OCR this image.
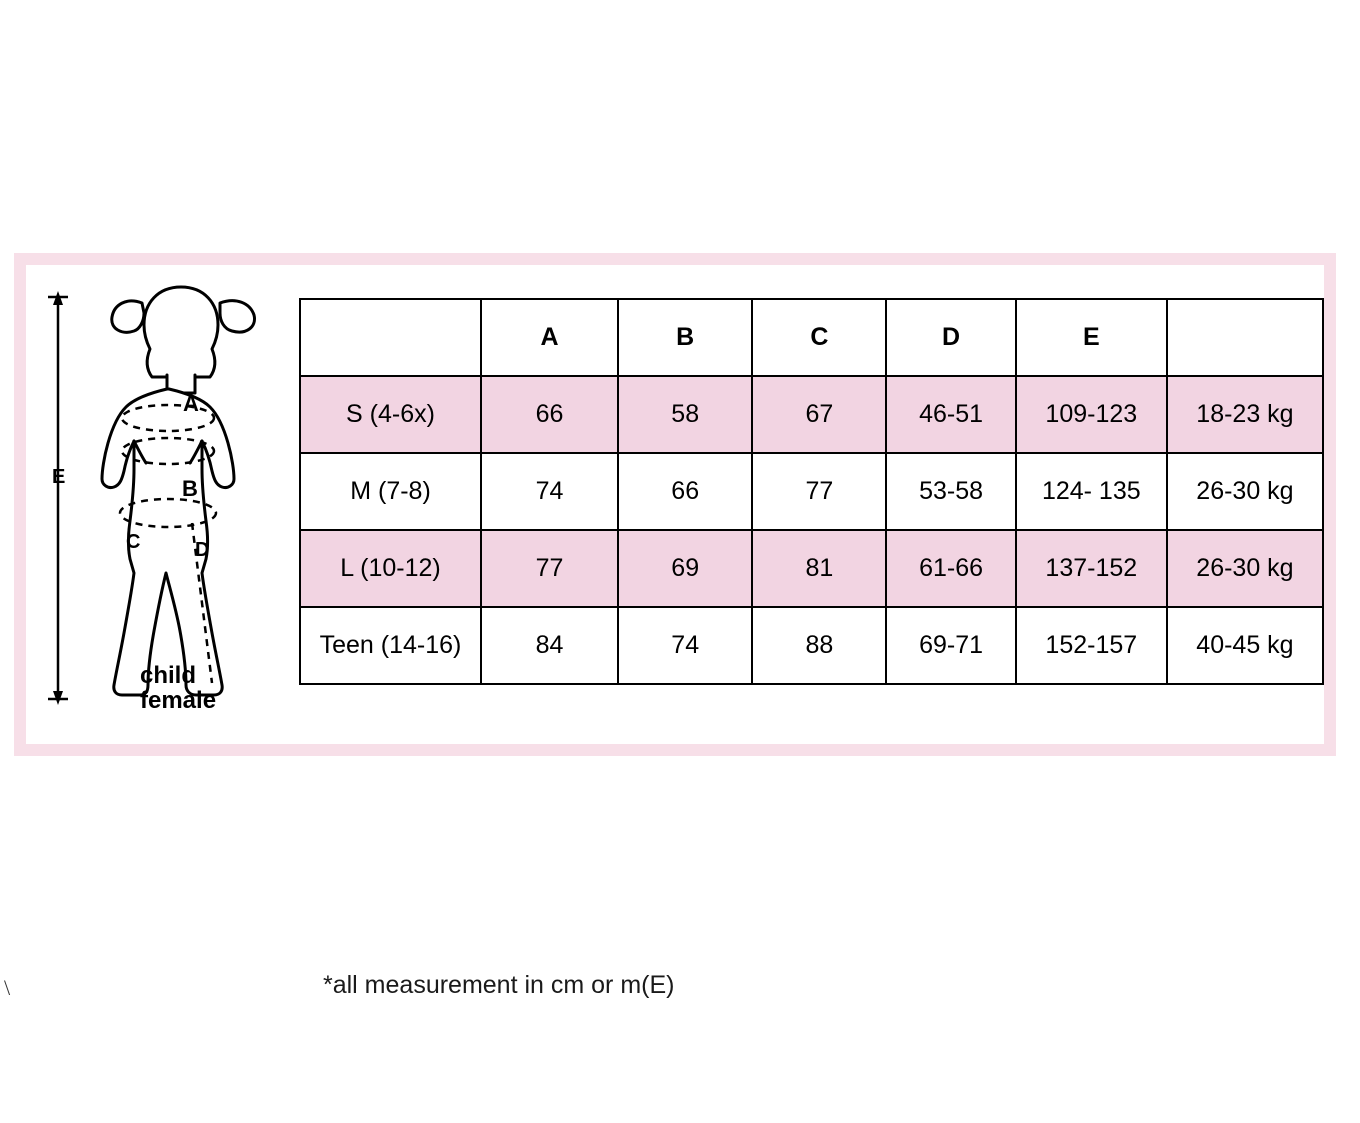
E
A
B
C	D
child
female
	A	B	C	D	E	
S (4-6x)	66	58	67	46-51	109-123	18-23 kg
M (7-8)	74	66	77	53-58	124- 135	26-30 kg
L (10-12)	77	69	81	61-66	137-152	26-30 kg
Teen (14-16)	84	74	88	69-71	152-157	40-45 kg
*all measurement in cm or m(E)
\
